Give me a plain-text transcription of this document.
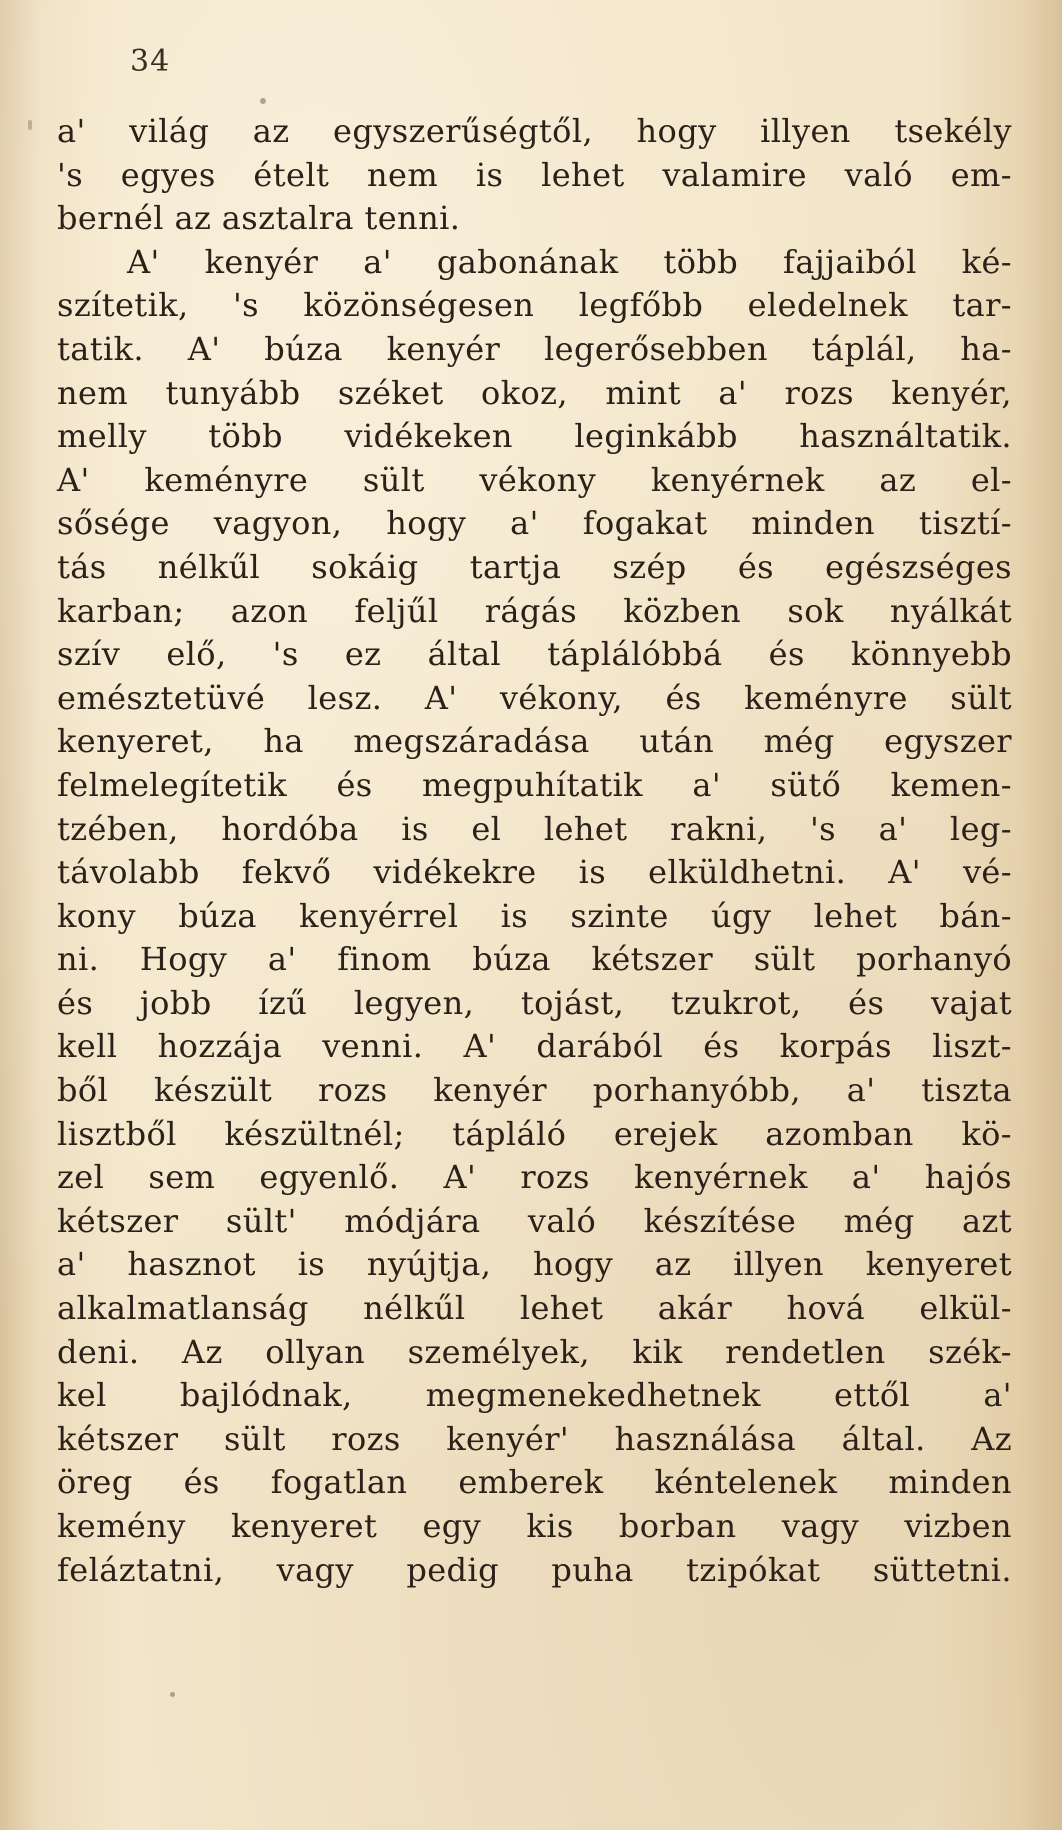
34
a' világ az egyszerűségtől, hogy illyen tsekély
's egyes ételt nem is lehet valamire való em-
bernél az asztalra tenni.
A' kenyér a' gabonának több fajjaiból ké-
szítetik, 's közönségesen legfőbb eledelnek tar-
tatik. A' búza kenyér legerősebben táplál, ha-
nem tunyább széket okoz, mint a' rozs kenyér,
melly több vidékeken leginkább használtatik.
A' keményre sült vékony kenyérnek az el-
sősége vagyon, hogy a' fogakat minden tisztí-
tás nélkűl sokáig tartja szép és egészséges
karban; azon feljűl rágás közben sok nyálkát
szív elő, 's ez által táplálóbbá és könnyebb
emésztetüvé lesz. A' vékony, és keményre sült
kenyeret, ha megszáradása után még egyszer
felmelegítetik és megpuhítatik a' sütő kemen-
tzében, hordóba is el lehet rakni, 's a' leg-
távolabb fekvő vidékekre is elküldhetni. A' vé-
kony búza kenyérrel is szinte úgy lehet bán-
ni. Hogy a' finom búza kétszer sült porhanyó
és jobb ízű legyen, tojást, tzukrot, és vajat
kell hozzája venni. A' darából és korpás liszt-
ből készült rozs kenyér porhanyóbb, a' tiszta
lisztből készültnél; tápláló erejek azomban kö-
zel sem egyenlő. A' rozs kenyérnek a' hajós
kétszer sült' módjára való készítése még azt
a' hasznot is nyújtja, hogy az illyen kenyeret
alkalmatlanság nélkűl lehet akár hová elkül-
deni. Az ollyan személyek, kik rendetlen szék-
kel bajlódnak, megmenekedhetnek ettől a'
kétszer sült rozs kenyér' használása által. Az
öreg és fogatlan emberek kéntelenek minden
kemény kenyeret egy kis borban vagy vizben
feláztatni, vagy pedig puha tzipókat süttetni.
